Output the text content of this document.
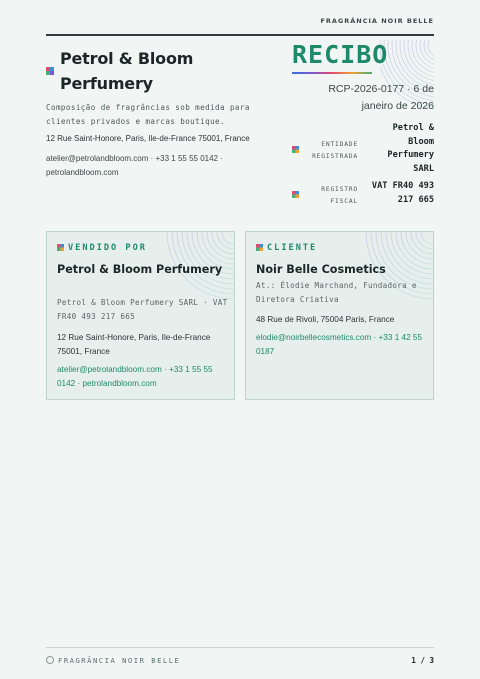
FRAGRÂNCIA NOIR BELLE
Petrol & Bloom Perfumery
Composição de fragrâncias sob medida para clientes privados e marcas boutique.
12 Rue Saint-Honore, Paris, Ile-de-France 75001, France
atelier@petrolandbloom.com · +33 1 55 55 0142 · petrolandbloom.com
RECIBO
RCP-2026-0177 · 6 de janeiro de 2026
ENTIDADE REGISTRADA
Petrol & Bloom Perfumery SARL
REGISTRO FISCAL
VAT FR40 493 217 665
VENDIDO POR
Petrol & Bloom Perfumery
Petrol & Bloom Perfumery SARL · VAT FR40 493 217 665
12 Rue Saint-Honore, Paris, Ile-de-France 75001, France
atelier@petrolandbloom.com · +33 1 55 55 0142 · petrolandbloom.com
CLIENTE
Noir Belle Cosmetics
At.: Élodie Marchand, Fundadora e Diretora Criativa
48 Rue de Rivoli, 75004 Paris, France
elodie@noirbellecosmetics.com · +33 1 42 55 0187
FRAGRÂNCIA NOIR BELLE	1 / 3
